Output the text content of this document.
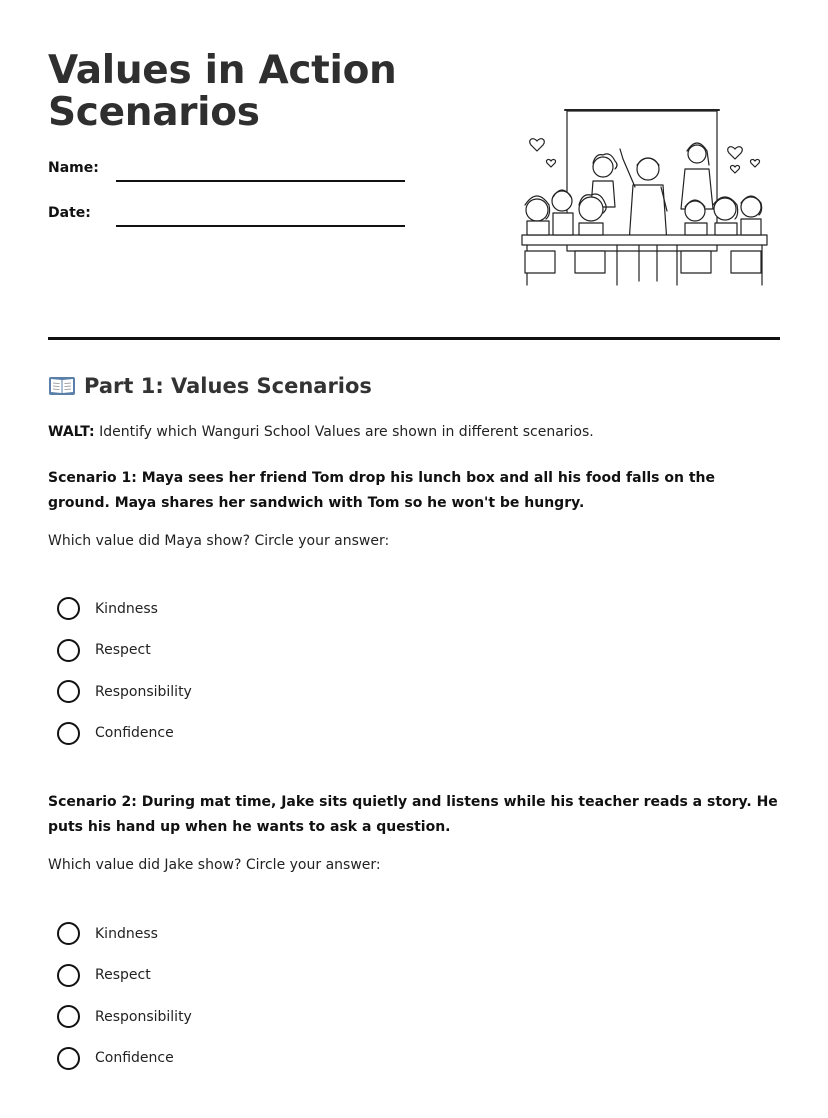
Values in Action Scenarios
Name:
Date:
Part 1: Values Scenarios
WALT: Identify which Wanguri School Values are shown in different scenarios.
Scenario 1: Maya sees her friend Tom drop his lunch box and all his food falls on the ground. Maya shares her sandwich with Tom so he won't be hungry.
Which value did Maya show? Circle your answer:
Kindness
Respect
Responsibility
Confidence
Scenario 2: During mat time, Jake sits quietly and listens while his teacher reads a story. He puts his hand up when he wants to ask a question.
Which value did Jake show? Circle your answer:
Kindness
Respect
Responsibility
Confidence
